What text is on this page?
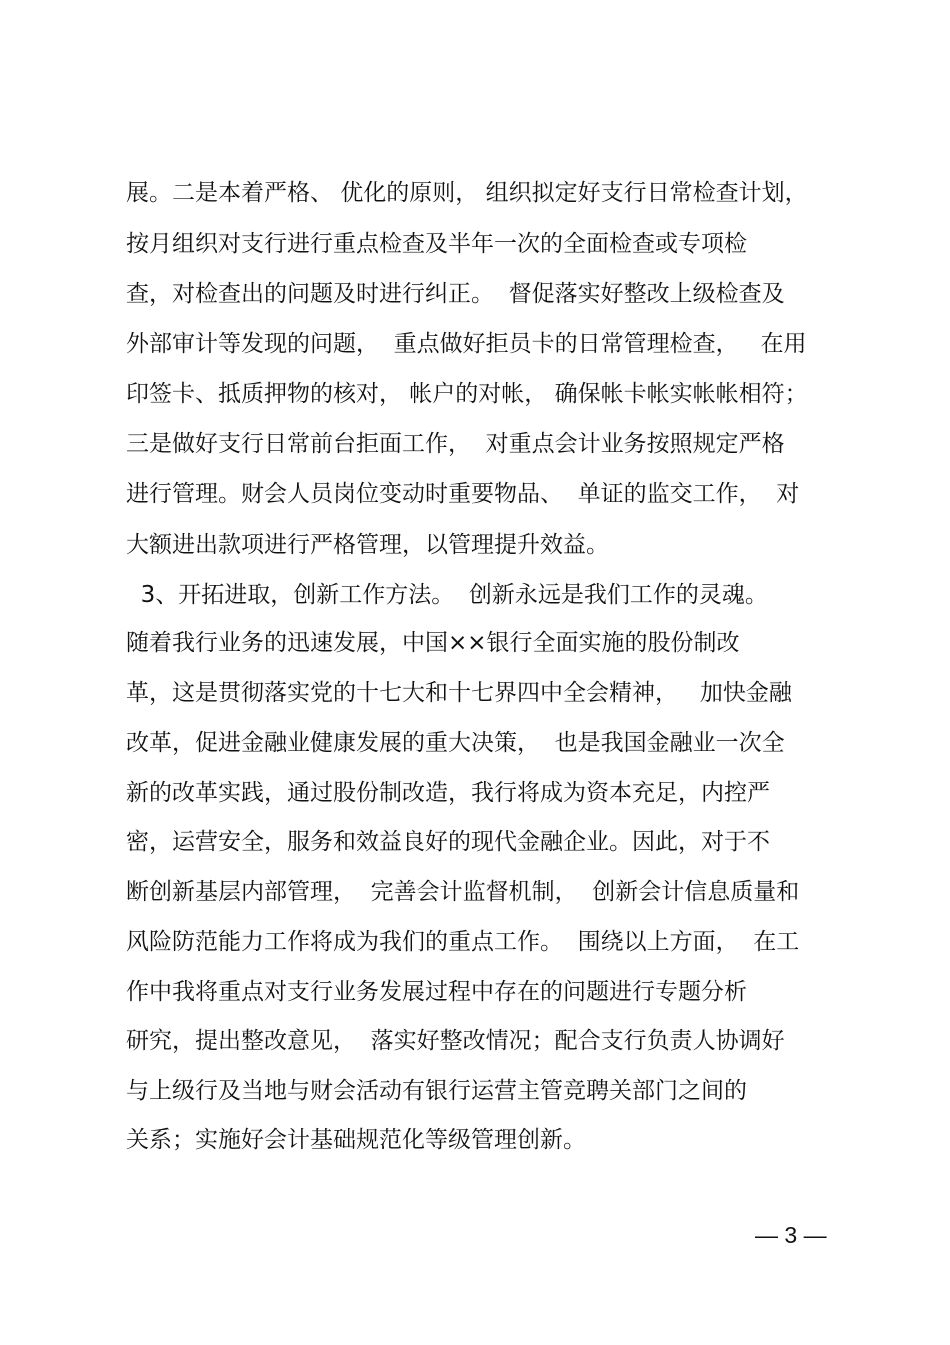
展。二是本着严格、 优化的原则， 组织拟定好支行日常检查计划，
按月组织对支行进行重点检查及半年一次的全面检查或专项检
查，对检查出的问题及时进行纠正。  督促落实好整改上级检查及
外部审计等发现的问题，  重点做好拒员卡的日常管理检查，   在用
印签卡、抵质押物的核对， 帐户的对帐， 确保帐卡帐实帐帐相符；
三是做好支行日常前台拒面工作，  对重点会计业务按照规定严格
进行管理。财会人员岗位变动时重要物品、  单证的监交工作，  对
大额进出款项进行严格管理，以管理提升效益。
3、开拓进取，创新工作方法。  创新永远是我们工作的灵魂。
随着我行业务的迅速发展，中国××银行全面实施的股份制改
革，这是贯彻落实党的十七大和十七界四中全会精神，   加快金融
改革，促进金融业健康发展的重大决策，  也是我国金融业一次全
新的改革实践，通过股份制改造，我行将成为资本充足，内控严
密，运营安全，服务和效益良好的现代金融企业。因此，对于不
断创新基层内部管理，  完善会计监督机制，  创新会计信息质量和
风险防范能力工作将成为我们的重点工作。  围绕以上方面，  在工
作中我将重点对支行业务发展过程中存在的问题进行专题分析
研究，提出整改意见，  落实好整改情况；配合支行负责人协调好
与上级行及当地与财会活动有银行运营主管竞聘关部门之间的
关系；实施好会计基础规范化等级管理创新。
— 3 —
